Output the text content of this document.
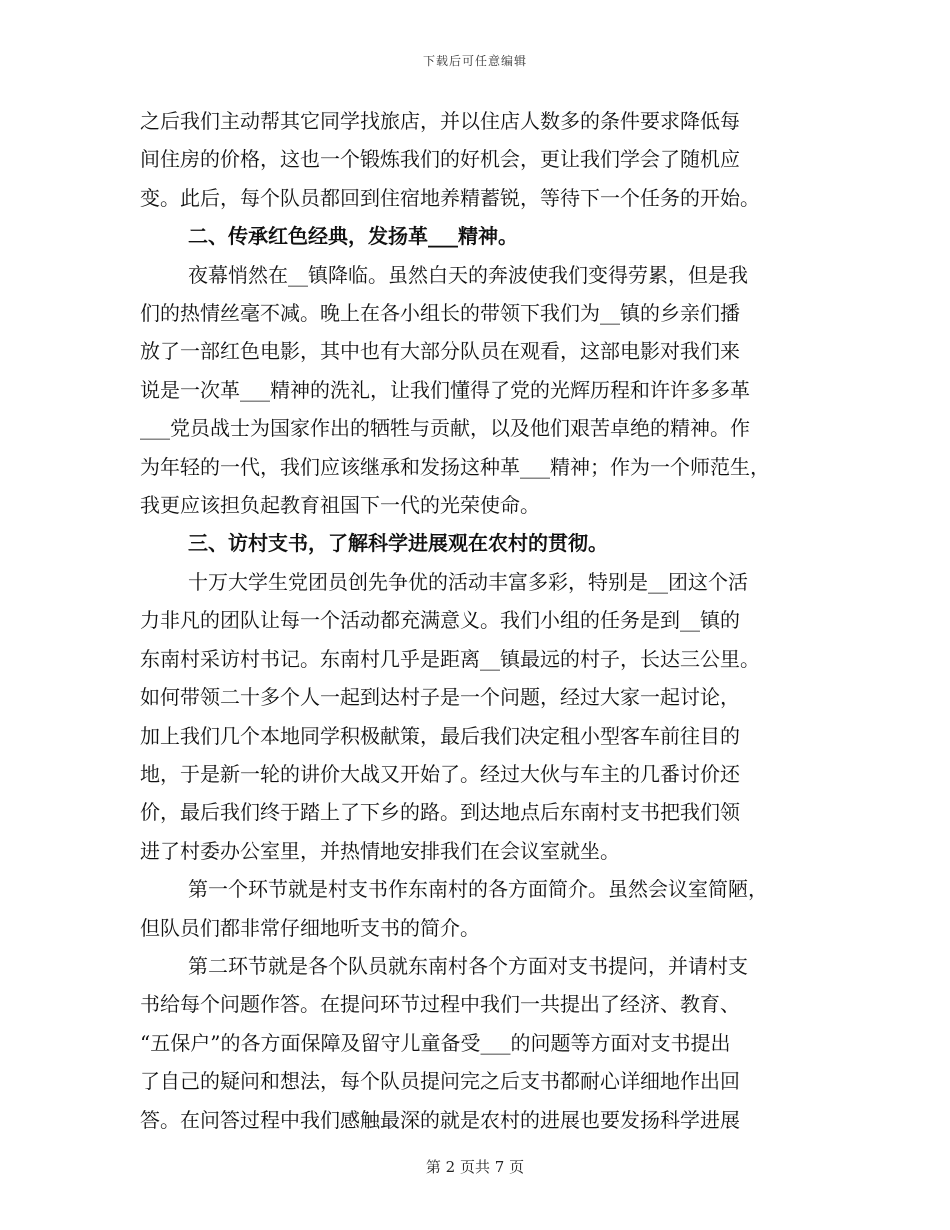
下载后可任意编辑
之后我们主动帮其它同学找旅店，并以住店人数多的条件要求降低每
间住房的价格，这也一个锻炼我们的好机会，更让我们学会了随机应
变。此后，每个队员都回到住宿地养精蓄锐，等待下一个任务的开始。
二、传承红色经典，发扬革___精神。
夜幕悄然在__镇降临。虽然白天的奔波使我们变得劳累，但是我
们的热情丝毫不减。晚上在各小组长的带领下我们为__镇的乡亲们播
放了一部红色电影，其中也有大部分队员在观看，这部电影对我们来
说是一次革___精神的洗礼，让我们懂得了党的光辉历程和许许多多革
___党员战士为国家作出的牺牲与贡献，以及他们艰苦卓绝的精神。作
为年轻的一代，我们应该继承和发扬这种革___精神；作为一个师范生，
我更应该担负起教育祖国下一代的光荣使命。
三、访村支书，了解科学进展观在农村的贯彻。
十万大学生党团员创先争优的活动丰富多彩，特别是__团这个活
力非凡的团队让每一个活动都充满意义。我们小组的任务是到__镇的
东南村采访村书记。东南村几乎是距离__镇最远的村子，长达三公里。
如何带领二十多个人一起到达村子是一个问题，经过大家一起讨论，
加上我们几个本地同学积极献策，最后我们决定租小型客车前往目的
地，于是新一轮的讲价大战又开始了。经过大伙与车主的几番讨价还
价，最后我们终于踏上了下乡的路。到达地点后东南村支书把我们领
进了村委办公室里，并热情地安排我们在会议室就坐。
第一个环节就是村支书作东南村的各方面简介。虽然会议室简陋，
但队员们都非常仔细地听支书的简介。
第二环节就是各个队员就东南村各个方面对支书提问，并请村支
书给每个问题作答。在提问环节过程中我们一共提出了经济、教育、
“五保户”的各方面保障及留守儿童备受___的问题等方面对支书提出
了自己的疑问和想法，每个队员提问完之后支书都耐心详细地作出回
答。在问答过程中我们感触最深的就是农村的进展也要发扬科学进展
第 2 页共 7 页
